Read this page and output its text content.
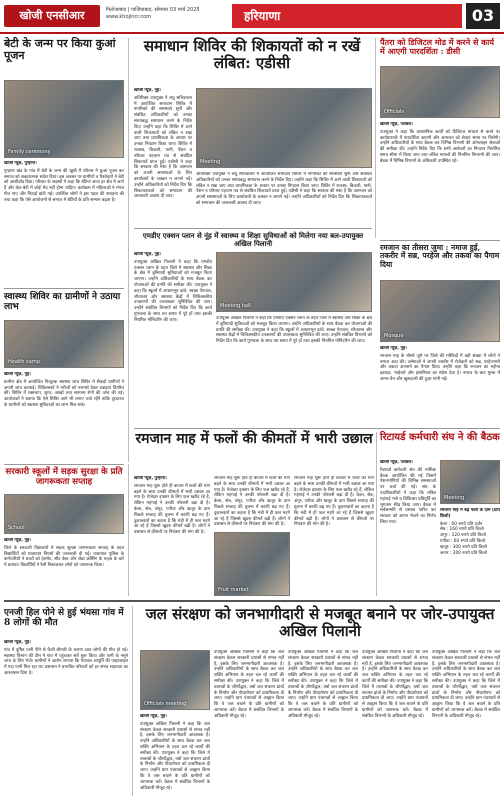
खोजी एनसीआर	फिरोजाबाद | गाजियाबाद, सोमवार 03 मार्च 2025
www.khojincr.com	हरियाणा	03
बेटी के जन्म पर किया कुआं पूजन
Family ceremony

खोजी न्यूज़, पुन्हाना।

पुन्हाना खंड के गांव में बेटी के जन्म की खुशी में परिवार ने कुआं पूजन कर समाज को सकारात्मक संदेश दिया। इस अवसर पर ग्रामीणों व रिश्तेदारों ने बेटी को आशीर्वाद दिया। परिवार के सदस्यों ने कहा कि बेटियां आज हर क्षेत्र में आगे हैं और बेटा-बेटी में कोई भेद नहीं होना चाहिए। कार्यक्रम में महिलाओं ने मंगल गीत गाए और मिठाई बांटी गई। उपस्थित लोगों ने इस पहल की सराहना की तथा कहा कि ऐसे आयोजनों से समाज में बेटियों के प्रति सम्मान बढ़ता है।

स्वास्थ्य शिविर का ग्रामीणों ने उठाया लाभ
Health camp

खोजी न्यूज़, नूंह।

ग्रामीण क्षेत्र में आयोजित निःशुल्क स्वास्थ्य जांच शिविर में सैकड़ों ग्रामीणों ने अपनी जांच करवाई। चिकित्सकों ने मरीजों को परामर्श देकर दवाइयां वितरित कीं। शिविर में रक्तचाप, शुगर, आंखों तथा सामान्य रोगों की जांच की गई। आयोजकों ने बताया कि ऐसे शिविर आगे भी लगाए जाते रहेंगे ताकि दूरदराज के ग्रामीणों को स्वास्थ्य सुविधाओं का लाभ मिल सके।

समाधान शिविर की शिकायतों को न रखें लंबित: एडीसी

खोजी न्यूज़, नूंह।

अतिरिक्त उपायुक्त ने लघु सचिवालय में आयोजित समाधान शिविर में नागरिकों की समस्याएं सुनीं और संबंधित अधिकारियों को उनका समयबद्ध समाधान करने के निर्देश दिए। उन्होंने कहा कि शिविर में आने वाली शिकायतों को लंबित न रखा जाए तथा प्राथमिकता के आधार पर उनका निपटान किया जाए। शिविर में राजस्व, बिजली, पानी, पेंशन व परिवार पहचान पत्र से संबंधित शिकायतें प्राप्त हुईं। एडीसी ने कहा कि सरकार की मंशा है कि आमजन को अपनी समस्याओं के लिए कार्यालयों के चक्कर न लगाने पड़ें। उन्होंने अधिकारियों को निर्देश दिए कि शिकायतकर्ता को समाधान की जानकारी अवश्य दी जाए।

Meeting

अतिरिक्त उपायुक्त ने लघु सचिवालय में आयोजित समाधान शिविर में नागरिकों की समस्याएं सुनीं और संबंधित अधिकारियों को उनका समयबद्ध समाधान करने के निर्देश दिए। उन्होंने कहा कि शिविर में आने वाली शिकायतों को लंबित न रखा जाए तथा प्राथमिकता के आधार पर उनका निपटान किया जाए। शिविर में राजस्व, बिजली, पानी, पेंशन व परिवार पहचान पत्र से संबंधित शिकायतें प्राप्त हुईं। एडीसी ने कहा कि सरकार की मंशा है कि आमजन को अपनी समस्याओं के लिए कार्यालयों के चक्कर न लगाने पड़ें। उन्होंने अधिकारियों को निर्देश दिए कि शिकायतकर्ता को समाधान की जानकारी अवश्य दी जाए।

पैंतरा को डिजिटल मोड में करने से कार्य में आएगी पारदर्शिता : डीसी
Officials

खोजी न्यूज़, पलवल।

उपायुक्त ने कहा कि प्रशासनिक कार्यों को डिजिटल माध्यम से करने पर कार्यप्रणाली में पारदर्शिता आएगी और आमजन को सेवाएं समय पर मिलेंगी। उन्होंने अधिकारियों के साथ बैठक कर विभिन्न विभागों की ऑनलाइन सेवाओं की समीक्षा की। उन्होंने निर्देश दिए कि सभी आवेदनों का निपटान निर्धारित समय सीमा में किया जाए तथा लंबित मामलों की नियमित निगरानी की जाए। बैठक में विभिन्न विभागों के अधिकारी उपस्थित रहे।

एमडीए एक्शन प्लान से नूंह में स्वास्थ्य व शिक्षा सुविधाओं को मिलेगा नया बल-उपायुक्त अखिल पिलानी

खोजी न्यूज़, नूंह।

उपायुक्त अखिल पिलानी ने कहा कि एमडीए एक्शन प्लान के तहत जिले में स्वास्थ्य और शिक्षा के क्षेत्र में बुनियादी सुविधाओं को मजबूत किया जाएगा। उन्होंने अधिकारियों के साथ बैठक कर योजनाओं की प्रगति की समीक्षा की। उपायुक्त ने कहा कि स्कूलों में आधारभूत ढांचे, स्वच्छ पेयजल, शौचालय और स्वास्थ्य केंद्रों में चिकित्सकीय उपकरणों की उपलब्धता सुनिश्चित की जाए। उन्होंने संबंधित विभागों को निर्देश दिए कि कार्य गुणवत्ता के साथ तय समय में पूरे हों तथा इसकी नियमित मॉनिटरिंग की जाए।

Meeting hall

उपायुक्त अखिल पिलानी ने कहा कि एमडीए एक्शन प्लान के तहत जिले में स्वास्थ्य और शिक्षा के क्षेत्र में बुनियादी सुविधाओं को मजबूत किया जाएगा। उन्होंने अधिकारियों के साथ बैठक कर योजनाओं की प्रगति की समीक्षा की। उपायुक्त ने कहा कि स्कूलों में आधारभूत ढांचे, स्वच्छ पेयजल, शौचालय और स्वास्थ्य केंद्रों में चिकित्सकीय उपकरणों की उपलब्धता सुनिश्चित की जाए। उन्होंने संबंधित विभागों को निर्देश दिए कि कार्य गुणवत्ता के साथ तय समय में पूरे हों तथा इसकी नियमित मॉनिटरिंग की जाए।

रमजान का तीसरा जुमा : नमाज हुई, तकरीर में सब्र, परहेज और तकवा का पैगाम दिया
Mosque

खोजी न्यूज़, नूंह।

रमजान माह के तीसरे जुमे पर जिले की मस्जिदों में बड़ी संख्या में लोगों ने नमाज अदा की। उलेमाओं ने अपनी तकरीर में रोजेदारों को सब्र, परहेजगारी और तकवा अपनाने का पैगाम दिया। उन्होंने कहा कि रमजान का महीना इबादत, भाईचारे और इंसानियत का संदेश देता है। नमाज के बाद मुल्क में अमन-चैन और खुशहाली की दुआ मांगी गई।

रमजान माह में फलों की कीमतों में भारी उछाल

खोजी न्यूज़, पुन्हाना।

रमजान माह शुरू होते ही बाजार में फलों की मांग बढ़ने के साथ उनकी कीमतों में भारी उछाल आ गया है। रोजेदार इफ्तार के लिए फल खरीद रहे हैं, लेकिन महंगाई ने उनकी परेशानी बढ़ा दी है। केला, सेब, अंगूर, पपीता और खजूर के दाम पिछले सप्ताह की तुलना में काफी बढ़ गए हैं। दुकानदारों का कहना है कि मंडी में ही फल महंगे आ रहे हैं जिससे खुदरा कीमतें बढ़ी हैं। लोगों ने प्रशासन से कीमतों पर नियंत्रण की मांग की है।

रमजान माह शुरू होते ही बाजार में फलों की मांग बढ़ने के साथ उनकी कीमतों में भारी उछाल आ गया है। रोजेदार इफ्तार के लिए फल खरीद रहे हैं, लेकिन महंगाई ने उनकी परेशानी बढ़ा दी है। केला, सेब, अंगूर, पपीता और खजूर के दाम पिछले सप्ताह की तुलना में काफी बढ़ गए हैं। दुकानदारों का कहना है कि मंडी में ही फल महंगे आ रहे हैं जिससे खुदरा कीमतें बढ़ी हैं। लोगों ने प्रशासन से कीमतों पर नियंत्रण की मांग की है।

Fruit market

रमजान माह शुरू होते ही बाजार में फलों की मांग बढ़ने के साथ उनकी कीमतों में भारी उछाल आ गया है। रोजेदार इफ्तार के लिए फल खरीद रहे हैं, लेकिन महंगाई ने उनकी परेशानी बढ़ा दी है। केला, सेब, अंगूर, पपीता और खजूर के दाम पिछले सप्ताह की तुलना में काफी बढ़ गए हैं। दुकानदारों का कहना है कि मंडी में ही फल महंगे आ रहे हैं जिससे खुदरा कीमतें बढ़ी हैं। लोगों ने प्रशासन से कीमतों पर नियंत्रण की मांग की है।

रिटायर्ड कर्मचारी संघ ने की बैठक

खोजी न्यूज़, पलवल।

रिटायर्ड कर्मचारी संघ की मासिक बैठक आयोजित की गई जिसमें पेंशनभोगियों की विभिन्न समस्याओं पर चर्चा की गई। संघ के पदाधिकारियों ने कहा कि लंबित महंगाई भत्ते व चिकित्सा प्रतिपूर्ति का भुगतान शीघ्र किया जाए। बैठक में सर्वसम्मति से प्रस्ताव पारित कर सरकार को ज्ञापन भेजने का निर्णय लिया गया।

Meeting

रमजान माह में बढ़े फलों के दाम (प्रति किलो)

केला : 60 रुपये प्रति दर्जन
सेब : 160 रुपये प्रति किलो
अंगूर : 120 रुपये प्रति किलो
पपीता : 60 रुपये प्रति किलो
खजूर : 300 रुपये प्रति किलो
अनार : 200 रुपये प्रति किलो
सरकारी स्कूलों में सड़क सुरक्षा के प्रति जागरूकता सप्ताह
School

खोजी न्यूज़, नूंह।

जिले के सरकारी विद्यालयों में सड़क सुरक्षा जागरूकता सप्ताह के तहत विद्यार्थियों को यातायात नियमों की जानकारी दी गई। यातायात पुलिस के कर्मचारियों ने बच्चों को हेलमेट, सीट बेल्ट और जेब्रा क्रॉसिंग के महत्व के बारे में बताया। विद्यार्थियों ने रैली निकालकर लोगों को जागरूक किया।

जल संरक्षण को जनभागीदारी से मजबूत बनाने पर जोर-उपायुक्त अखिल पिलानी
एनजी हिल पोने से हुई भंयसा गांव में 8 लोगों की मौत

खोजी न्यूज़, नूंह।

गांव में दूषित पानी पीने से फैली बीमारी के कारण आठ लोगों की मौत हो गई। स्वास्थ्य विभाग की टीम ने गांव में पहुंचकर सर्वे शुरू किया और पानी के नमूने जांच के लिए भेजे। ग्रामीणों ने आरोप लगाया कि पेयजल आपूर्ति की पाइपलाइन में गंदा पानी मिल रहा था। प्रशासन ने प्रभावित परिवारों को हर संभव सहायता का आश्वासन दिया है।

Officials meeting

खोजी न्यूज़, नूंह।

उपायुक्त अखिल पिलानी ने कहा कि जल संरक्षण केवल सरकारी प्रयासों से संभव नहीं है, इसके लिए जनभागीदारी आवश्यक है। उन्होंने अधिकारियों के साथ बैठक कर जल शक्ति अभियान के तहत चल रहे कार्यों की समीक्षा की। उपायुक्त ने कहा कि जिले में तालाबों के जीर्णोद्धार, वर्षा जल संचयन ढांचों के निर्माण और पौधारोपण को प्राथमिकता दी जाए। उन्होंने ग्राम पंचायतों से आह्वान किया कि वे जल बचाने के प्रति ग्रामीणों को जागरूक करें। बैठक में संबंधित विभागों के अधिकारी मौजूद रहे।

उपायुक्त अखिल पिलानी ने कहा कि जल संरक्षण केवल सरकारी प्रयासों से संभव नहीं है, इसके लिए जनभागीदारी आवश्यक है। उन्होंने अधिकारियों के साथ बैठक कर जल शक्ति अभियान के तहत चल रहे कार्यों की समीक्षा की। उपायुक्त ने कहा कि जिले में तालाबों के जीर्णोद्धार, वर्षा जल संचयन ढांचों के निर्माण और पौधारोपण को प्राथमिकता दी जाए। उन्होंने ग्राम पंचायतों से आह्वान किया कि वे जल बचाने के प्रति ग्रामीणों को जागरूक करें। बैठक में संबंधित विभागों के अधिकारी मौजूद रहे।

उपायुक्त अखिल पिलानी ने कहा कि जल संरक्षण केवल सरकारी प्रयासों से संभव नहीं है, इसके लिए जनभागीदारी आवश्यक है। उन्होंने अधिकारियों के साथ बैठक कर जल शक्ति अभियान के तहत चल रहे कार्यों की समीक्षा की। उपायुक्त ने कहा कि जिले में तालाबों के जीर्णोद्धार, वर्षा जल संचयन ढांचों के निर्माण और पौधारोपण को प्राथमिकता दी जाए। उन्होंने ग्राम पंचायतों से आह्वान किया कि वे जल बचाने के प्रति ग्रामीणों को जागरूक करें। बैठक में संबंधित विभागों के अधिकारी मौजूद रहे।

उपायुक्त अखिल पिलानी ने कहा कि जल संरक्षण केवल सरकारी प्रयासों से संभव नहीं है, इसके लिए जनभागीदारी आवश्यक है। उन्होंने अधिकारियों के साथ बैठक कर जल शक्ति अभियान के तहत चल रहे कार्यों की समीक्षा की। उपायुक्त ने कहा कि जिले में तालाबों के जीर्णोद्धार, वर्षा जल संचयन ढांचों के निर्माण और पौधारोपण को प्राथमिकता दी जाए। उन्होंने ग्राम पंचायतों से आह्वान किया कि वे जल बचाने के प्रति ग्रामीणों को जागरूक करें। बैठक में संबंधित विभागों के अधिकारी मौजूद रहे।

उपायुक्त अखिल पिलानी ने कहा कि जल संरक्षण केवल सरकारी प्रयासों से संभव नहीं है, इसके लिए जनभागीदारी आवश्यक है। उन्होंने अधिकारियों के साथ बैठक कर जल शक्ति अभियान के तहत चल रहे कार्यों की समीक्षा की। उपायुक्त ने कहा कि जिले में तालाबों के जीर्णोद्धार, वर्षा जल संचयन ढांचों के निर्माण और पौधारोपण को प्राथमिकता दी जाए। उन्होंने ग्राम पंचायतों से आह्वान किया कि वे जल बचाने के प्रति ग्रामीणों को जागरूक करें। बैठक में संबंधित विभागों के अधिकारी मौजूद रहे।
